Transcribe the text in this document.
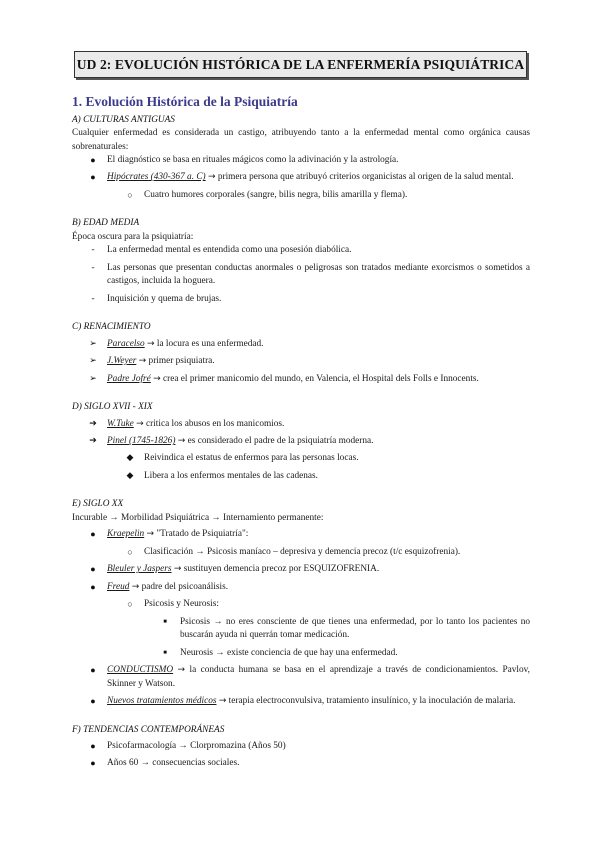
UD 2: EVOLUCIÓN HISTÓRICA DE LA ENFERMERÍA PSIQUIÁTRICA
1. Evolución Histórica de la Psiquiatría
A) CULTURAS ANTIGUAS

Cualquier enfermedad es considerada un castigo, atribuyendo tanto a la enfermedad mental como orgánica causas sobrenaturales:

● El diagnóstico se basa en rituales mágicos como la adivinación y la astrología.
● Hipócrates (430-367 a. C) → primera persona que atribuyó criterios organicistas al origen de la salud mental.
○ Cuatro humores corporales (sangre, bilis negra, bilis amarilla y flema).
B) EDAD MEDIA

Época oscura para la psiquiatría:

-	La enfermedad mental es entendida como una posesión diabólica.
-	Las personas que presentan conductas anormales o peligrosas son tratados mediante exorcismos o sometidos a castigos, incluida la hoguera.
-	Inquisición y quema de brujas.
C) RENACIMIENTO
➢ Paracelso → la locura es una enfermedad.
➢ J.Weyer → primer psiquiatra.
➢ Padre Jofré → crea el primer manicomio del mundo, en Valencia, el Hospital dels Folls e Innocents.
D) SIGLO XVII - XIX
➔ W.Tuke → critica los abusos en los manicomios.
➔ Pinel (1745-1826) → es considerado el padre de la psiquiatría moderna.
◆ Reivindica el estatus de enfermos para las personas locas.
◆ Libera a los enfermos mentales de las cadenas.
E) SIGLO XX

Incurable → Morbilidad Psiquiátrica → Internamiento permanente:

● Kraepelin → "Tratado de Psiquiatría":
○ Clasificación → Psicosis maníaco – depresiva y demencia precoz (t/c esquizofrenia).
● Bleuler y Jaspers → sustituyen demencia precoz por ESQUIZOFRENIA.
● Freud → padre del psicoanálisis.
○ Psicosis y Neurosis:
■	Psicosis → no eres consciente de que tienes una enfermedad, por lo tanto los pacientes no buscarán ayuda ni querrán tomar medicación.
■	Neurosis → existe conciencia de que hay una enfermedad.
● CONDUCTISMO → la conducta humana se basa en el aprendizaje a través de condicionamientos. Pavlov, Skinner y Watson.
● Nuevos tratamientos médicos → terapia electroconvulsiva, tratamiento insulínico, y la inoculación de malaria.
F) TENDENCIAS CONTEMPORÁNEAS
● Psicofarmacología → Clorpromazina (Años 50)
● Años 60 → consecuencias sociales.
